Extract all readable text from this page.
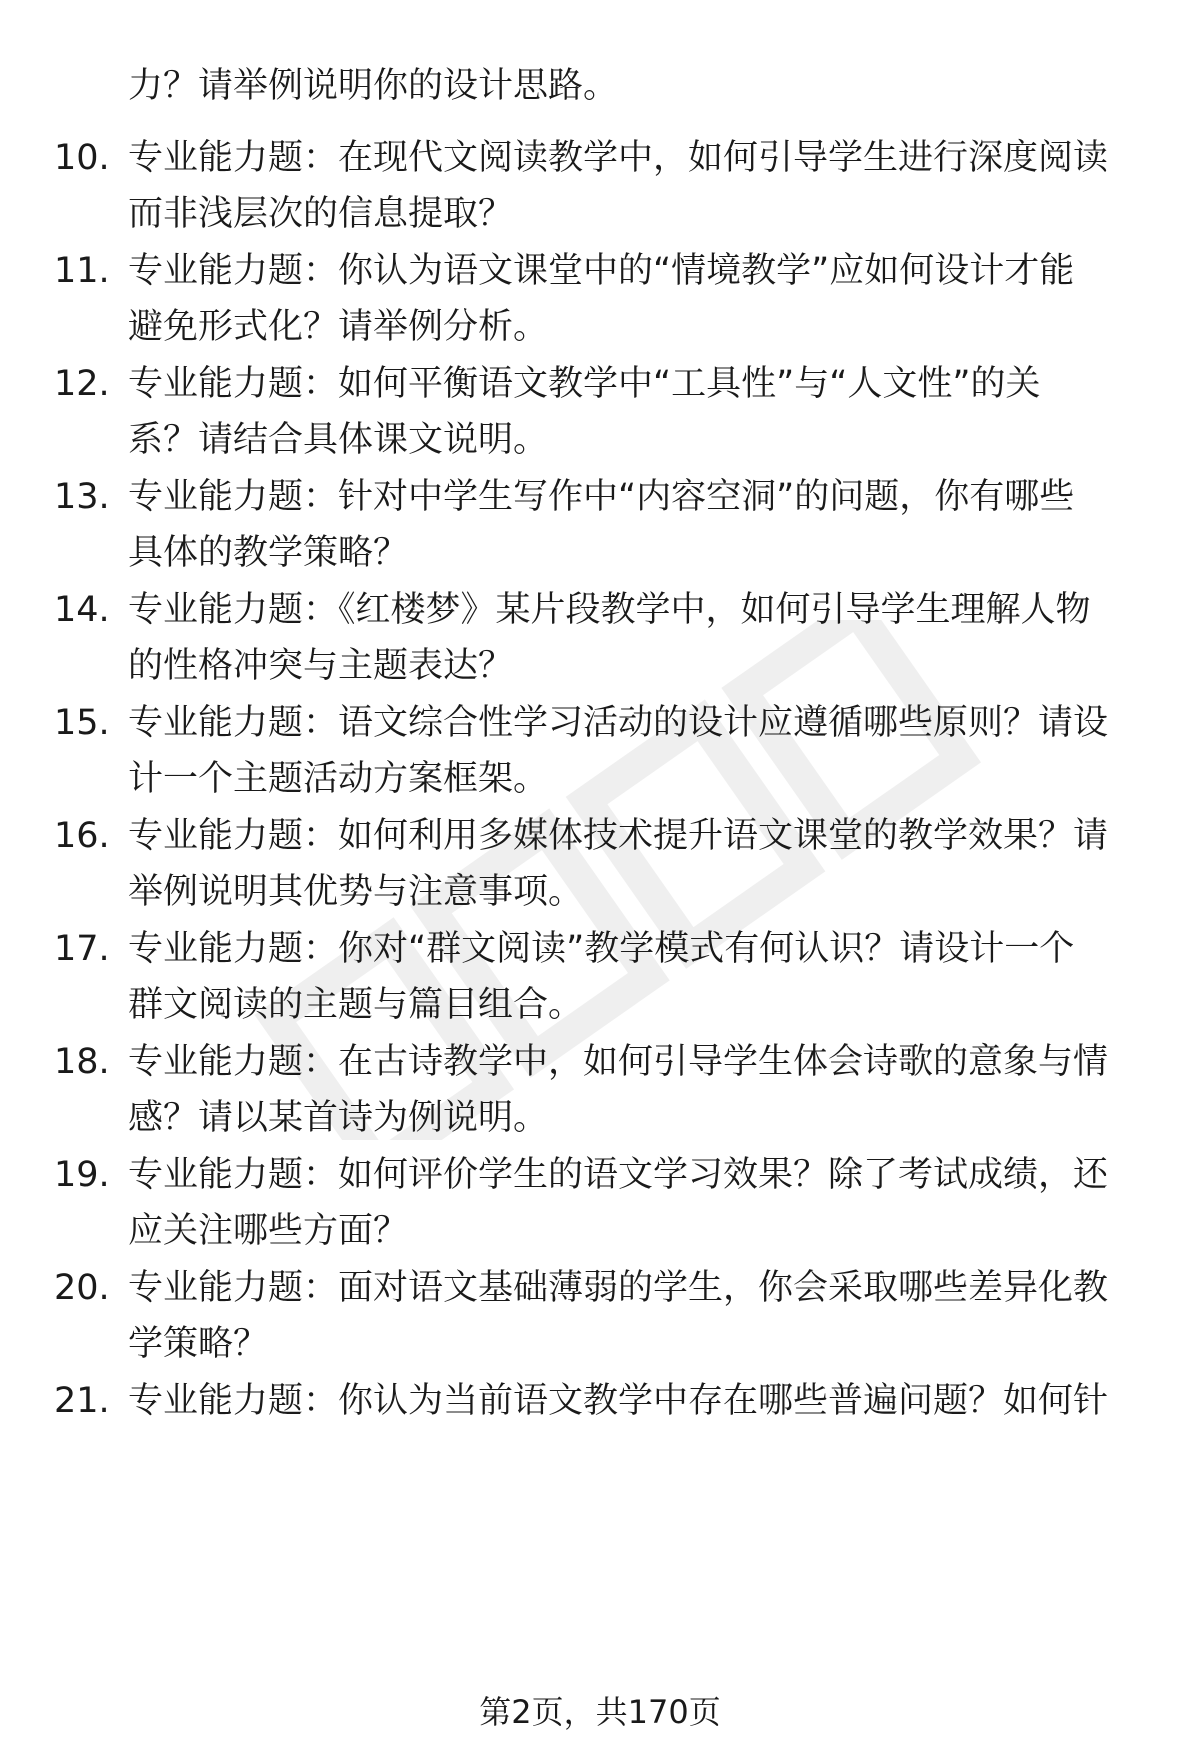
力？请举例说明你的设计思路。
10. 专业能力题：在现代文阅读教学中，如何引导学生进行深度阅读
而非浅层次的信息提取？
11. 专业能力题：你认为语文课堂中的“情境教学”应如何设计才能
避免形式化？请举例分析。
12. 专业能力题：如何平衡语文教学中“工具性”与“人文性”的关
系？请结合具体课文说明。
13. 专业能力题：针对中学生写作中“内容空洞”的问题，你有哪些
具体的教学策略？
14. 专业能力题：《红楼梦》某片段教学中，如何引导学生理解人物
的性格冲突与主题表达？
15. 专业能力题：语文综合性学习活动的设计应遵循哪些原则？请设
计一个主题活动方案框架。
16. 专业能力题：如何利用多媒体技术提升语文课堂的教学效果？请
举例说明其优势与注意事项。
17. 专业能力题：你对“群文阅读”教学模式有何认识？请设计一个
群文阅读的主题与篇目组合。
18. 专业能力题：在古诗教学中，如何引导学生体会诗歌的意象与情
感？请以某首诗为例说明。
19. 专业能力题：如何评价学生的语文学习效果？除了考试成绩，还
应关注哪些方面？
20. 专业能力题：面对语文基础薄弱的学生，你会采取哪些差异化教
学策略？
21. 专业能力题：你认为当前语文教学中存在哪些普遍问题？如何针
第2页，共170页
